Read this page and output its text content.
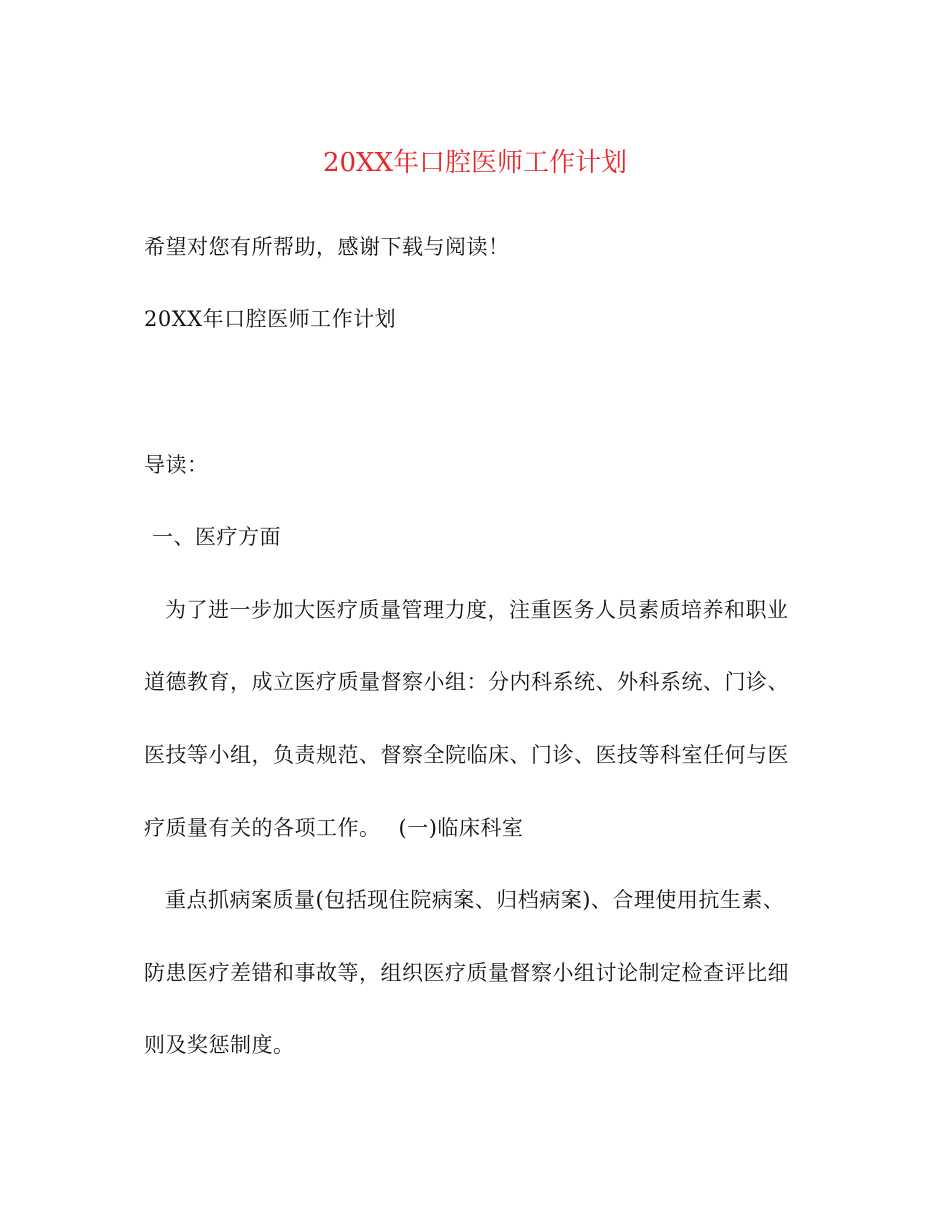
20XX年口腔医师工作计划
希望对您有所帮助，感谢下载与阅读！
20XX年口腔医师工作计划
导读：
一、医疗方面
为了进一步加大医疗质量管理力度，注重医务人员素质培养和职业
道德教育，成立医疗质量督察小组：分内科系统、外科系统、门诊、
医技等小组，负责规范、督察全院临床、门诊、医技等科室任何与医
疗质量有关的各项工作。 (一)临床科室
重点抓病案质量(包括现住院病案、归档病案)、合理使用抗生素、
防患医疗差错和事故等，组织医疗质量督察小组讨论制定检查评比细
则及奖惩制度。
